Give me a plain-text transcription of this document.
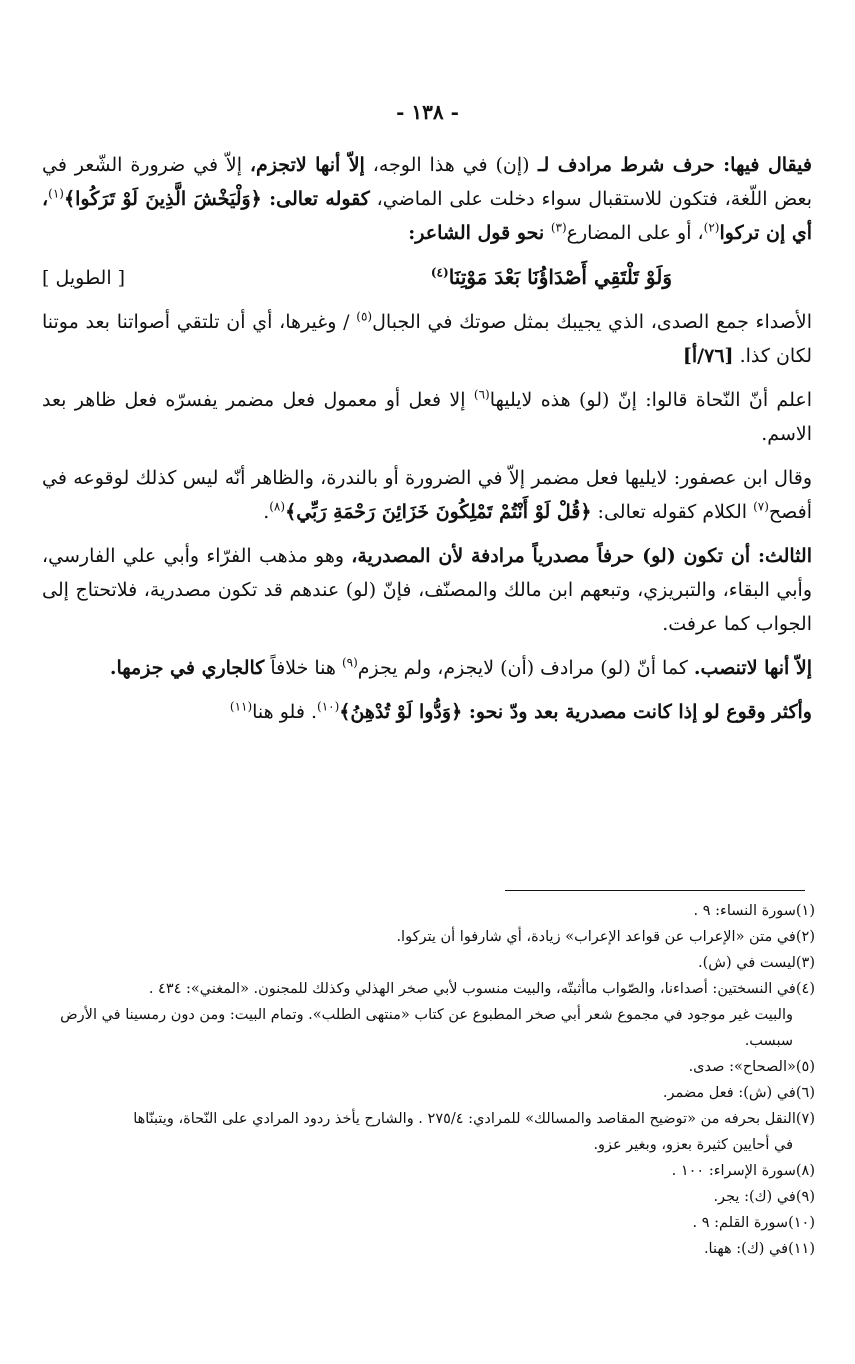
- ١٣٨ -

فيقال فيها: حرف شرط مرادف لـ (إن) في هذا الوجه، إلاّ أنها لاتجزم، إلاّ في ضرورة الشّعر في بعض اللّغة، فتكون للاستقبال سواء دخلت على الماضي، كقوله تعالى: ﴿وَلْيَخْشَ الَّذِينَ لَوْ تَرَكُوا﴾$^{(١)}$، أي إن تركوا$^{(٢)}$، أو على المضارع$^{(٣)}$ نحو قول الشاعر:

وَلَوْ تَلْتَقِي أَصْدَاؤُنَا بَعْدَ مَوْتِنَا$^{(٤)}$
[ الطويل ]

الأصداء جمع الصدى، الذي يجيبك بمثل صوتك في الجبال$^{(٥)}$ / وغيرها، أي أن تلتقي أصواتنا بعد موتنا لكان كذا. [٧٦/أ]

اعلم أنّ النّحاة قالوا: إنّ (لو) هذه لايليها$^{(٦)}$ إلا فعل أو معمول فعل مضمر يفسرّه فعل ظاهر بعد الاسم.

وقال ابن عصفور: لايليها فعل مضمر إلاّ في الضرورة أو بالندرة، والظاهر أنّه ليس كذلك لوقوعه في أفصح$^{(٧)}$ الكلام كقوله تعالى: ﴿قُلْ لَوْ أَنْتُمْ تَمْلِكُونَ خَزَائِنَ رَحْمَةِ رَبِّي﴾$^{(٨)}$.

الثالث: أن تكون (لو) حرفاً مصدرياً مرادفة لأن المصدرية، وهو مذهب الفرّاء وأبي علي الفارسي، وأبي البقاء، والتبريزي، وتبعهم ابن مالك والمصنّف، فإنّ (لو) عندهم قد تكون مصدرية، فلاتحتاج إلى الجواب كما عرفت.

إلاّ أنها لاتنصب. كما أنّ (لو) مرادف (أن) لايجزم، ولم يجزم$^{(٩)}$ هنا خلافاً كالجاري في جزمها.

وأكثر وقوع لو إذا كانت مصدرية بعد ودّ نحو: ﴿وَدُّوا لَوْ تُدْهِنُ﴾$^{(١٠)}$. فلو هنا$^{(١١)}$

(١)سورة النساء: ٩ .

(٢)في متن «الإعراب عن قواعد الإعراب» زيادة، أي شارفوا أن يتركوا.

(٣)ليست في (ش).

(٤)في النسختين: أصداءنا، والصّواب ماأثبتّه، والبيت منسوب لأبي صخر الهذلي وكذلك للمجنون. «المغني»: ٤٣٤ .
والبيت غير موجود في مجموع شعر أبي صخر المطبوع عن كتاب «منتهى الطلب». وتمام البيت: ومن دون رمسينا في الأرض سبسب.

(٥)«الصحاح»: صدى.

(٦)في (ش): فعل مضمر.

(٧)النقل بحرفه من «توضيح المقاصد والمسالك» للمرادي: ٢٧٥/٤ . والشارح يأخذ ردود المرادي على النّحاة، ويتبنّاها
في أحايين كثيرة بعزو، وبغير عزو.

(٨)سورة الإسراء: ١٠٠ .

(٩)في (ك): يجر.

(١٠)سورة القلم: ٩ .

(١١)في (ك): ههنا.
